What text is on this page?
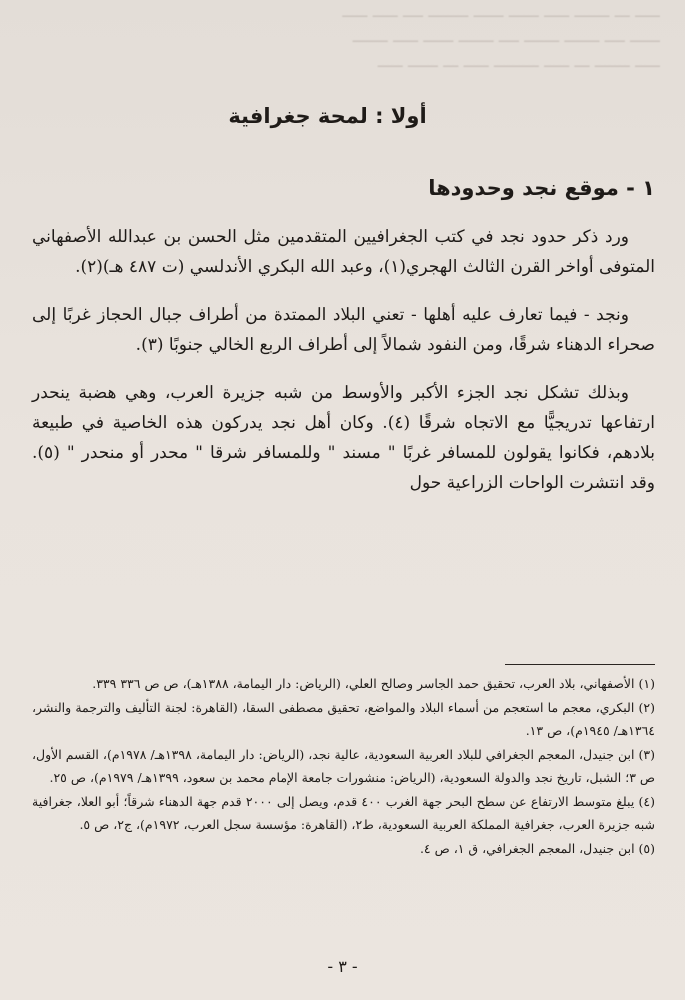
ـــــ ـــ ـــــــ ـــــ ــــــ ــــــ ــــــــ ــــ ـــــ ـــــ
ــــــ ــــ ـــــــ ـــــــ ــــ ـــــــ ــــــ ـــــ ـــــــ
ـــــ ـــــــ ـــ ـــــ ـــــــــ ـــــ ـــ ــــــ ـــــ
أولا : لمحة جغرافية
١ - موقع نجد وحدودها

ورد ذكر حدود نجد في كتب الجغرافيين المتقدمين مثل الحسن بن عبدالله الأصفهاني المتوفى أواخر القرن الثالث الهجري(١)، وعبد الله البكري الأندلسي (ت ٤٨٧ هـ)(٢).

ونجد - فيما تعارف عليه أهلها - تعني البلاد الممتدة من أطراف جبال الحجاز غربًا إلى صحراء الدهناء شرقًا، ومن النفود شمالاً إلى أطراف الربع الخالي جنوبًا (٣).

وبذلك تشكل نجد الجزء الأكبر والأوسط من شبه جزيرة العرب، وهي هضبة ينحدر ارتفاعها تدريجيًّا مع الاتجاه شرقًا (٤). وكان أهل نجد يدركون هذه الخاصية في طبيعة بلادهم، فكانوا يقولون للمسافر غربًا " مسند " وللمسافر شرقا " محدر أو منحدر " (٥). وقد انتشرت الواحات الزراعية حول

(١) الأصفهاني، بلاد العرب، تحقيق حمد الجاسر وصالح العلي، (الرياض: دار اليمامة، ١٣٨٨هـ)، ص ص ٣٣٦ ٣٣٩.
(٢) البكري، معجم ما استعجم من أسماء البلاد والمواضع، تحقيق مصطفى السقا، (القاهرة: لجنة التأليف والترجمة والنشر، ١٣٦٤هـ/ ١٩٤٥م)، ص ١٣.
(٣) ابن جنيدل، المعجم الجغرافي للبلاد العربية السعودية، عالية نجد، (الرياض: دار اليمامة، ١٣٩٨هـ/ ١٩٧٨م)، القسم الأول، ص ٣؛ الشبل، تاريخ نجد والدولة السعودية، (الرياض: منشورات جامعة الإمام محمد بن سعود، ١٣٩٩هـ/ ١٩٧٩م)، ص ٢٥.
(٤) يبلغ متوسط الارتفاع عن سطح البحر جهة الغرب ٤٠٠ قدم، ويصل إلى ٢٠٠٠ قدم جهة الدهناء شرقاً؛ أبو العلا، جغرافية شبه جزيرة العرب، جغرافية المملكة العربية السعودية، ط٢، (القاهرة: مؤسسة سجل العرب، ١٩٧٢م)، ج٢، ص ٥.
(٥) ابن جنيدل، المعجم الجغرافي، ق ١، ص ٤.
- ٣ -
